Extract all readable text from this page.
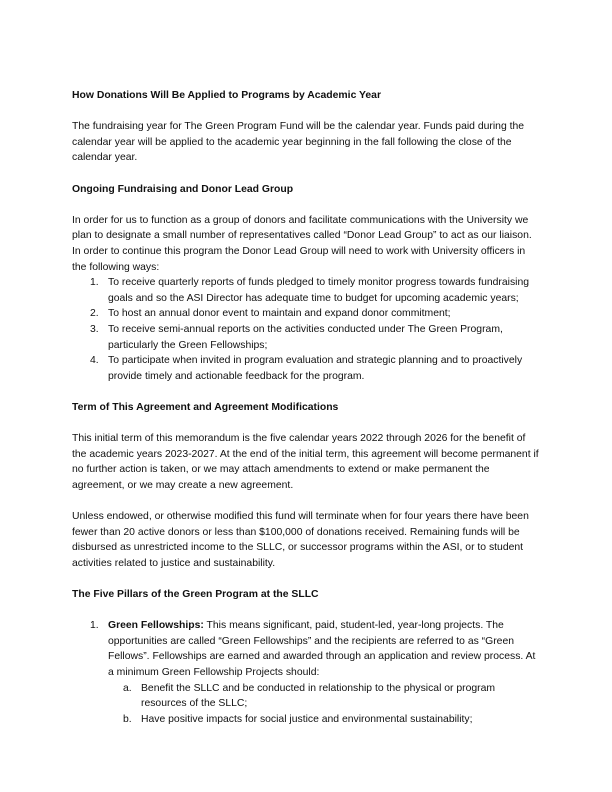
How Donations Will Be Applied to Programs by Academic Year

The fundraising year for The Green Program Fund will be the calendar year. Funds paid during the calendar year will be applied to the academic year beginning in the fall following the close of the calendar year.

Ongoing Fundraising and Donor Lead Group

In order for us to function as a group of donors and facilitate communications with the University we plan to designate a small number of representatives called “Donor Lead Group” to act as our liaison. In order to continue this program the Donor Lead Group will need to work with University officers in the following ways:

1. To receive quarterly reports of funds pledged to timely monitor progress towards fundraising goals and so the ASI Director has adequate time to budget for upcoming academic years;
2. To host an annual donor event to maintain and expand donor commitment;
3. To receive semi-annual reports on the activities conducted under The Green Program, particularly the Green Fellowships;
4. To participate when invited in program evaluation and strategic planning and to proactively provide timely and actionable feedback for the program.
Term of This Agreement and Agreement Modifications

This initial term of this memorandum is the five calendar years 2022 through 2026 for the benefit of the academic years 2023-2027. At the end of the initial term, this agreement will become permanent if no further action is taken, or we may attach amendments to extend or make permanent the agreement, or we may create a new agreement.

Unless endowed, or otherwise modified this fund will terminate when for four years there have been fewer than 20 active donors or less than $100,000 of donations received. Remaining funds will be disbursed as unrestricted income to the SLLC, or successor programs within the ASI, or to student activities related to justice and sustainability.

The Five Pillars of the Green Program at the SLLC
1. Green Fellowships: This means significant, paid, student-led, year-long projects. The opportunities are called “Green Fellowships” and the recipients are referred to as “Green Fellows”. Fellowships are earned and awarded through an application and review process. At a minimum Green Fellowship Projects should:
a. Benefit the SLLC and be conducted in relationship to the physical or program resources of the SLLC;
b. Have positive impacts for social justice and environmental sustainability;
